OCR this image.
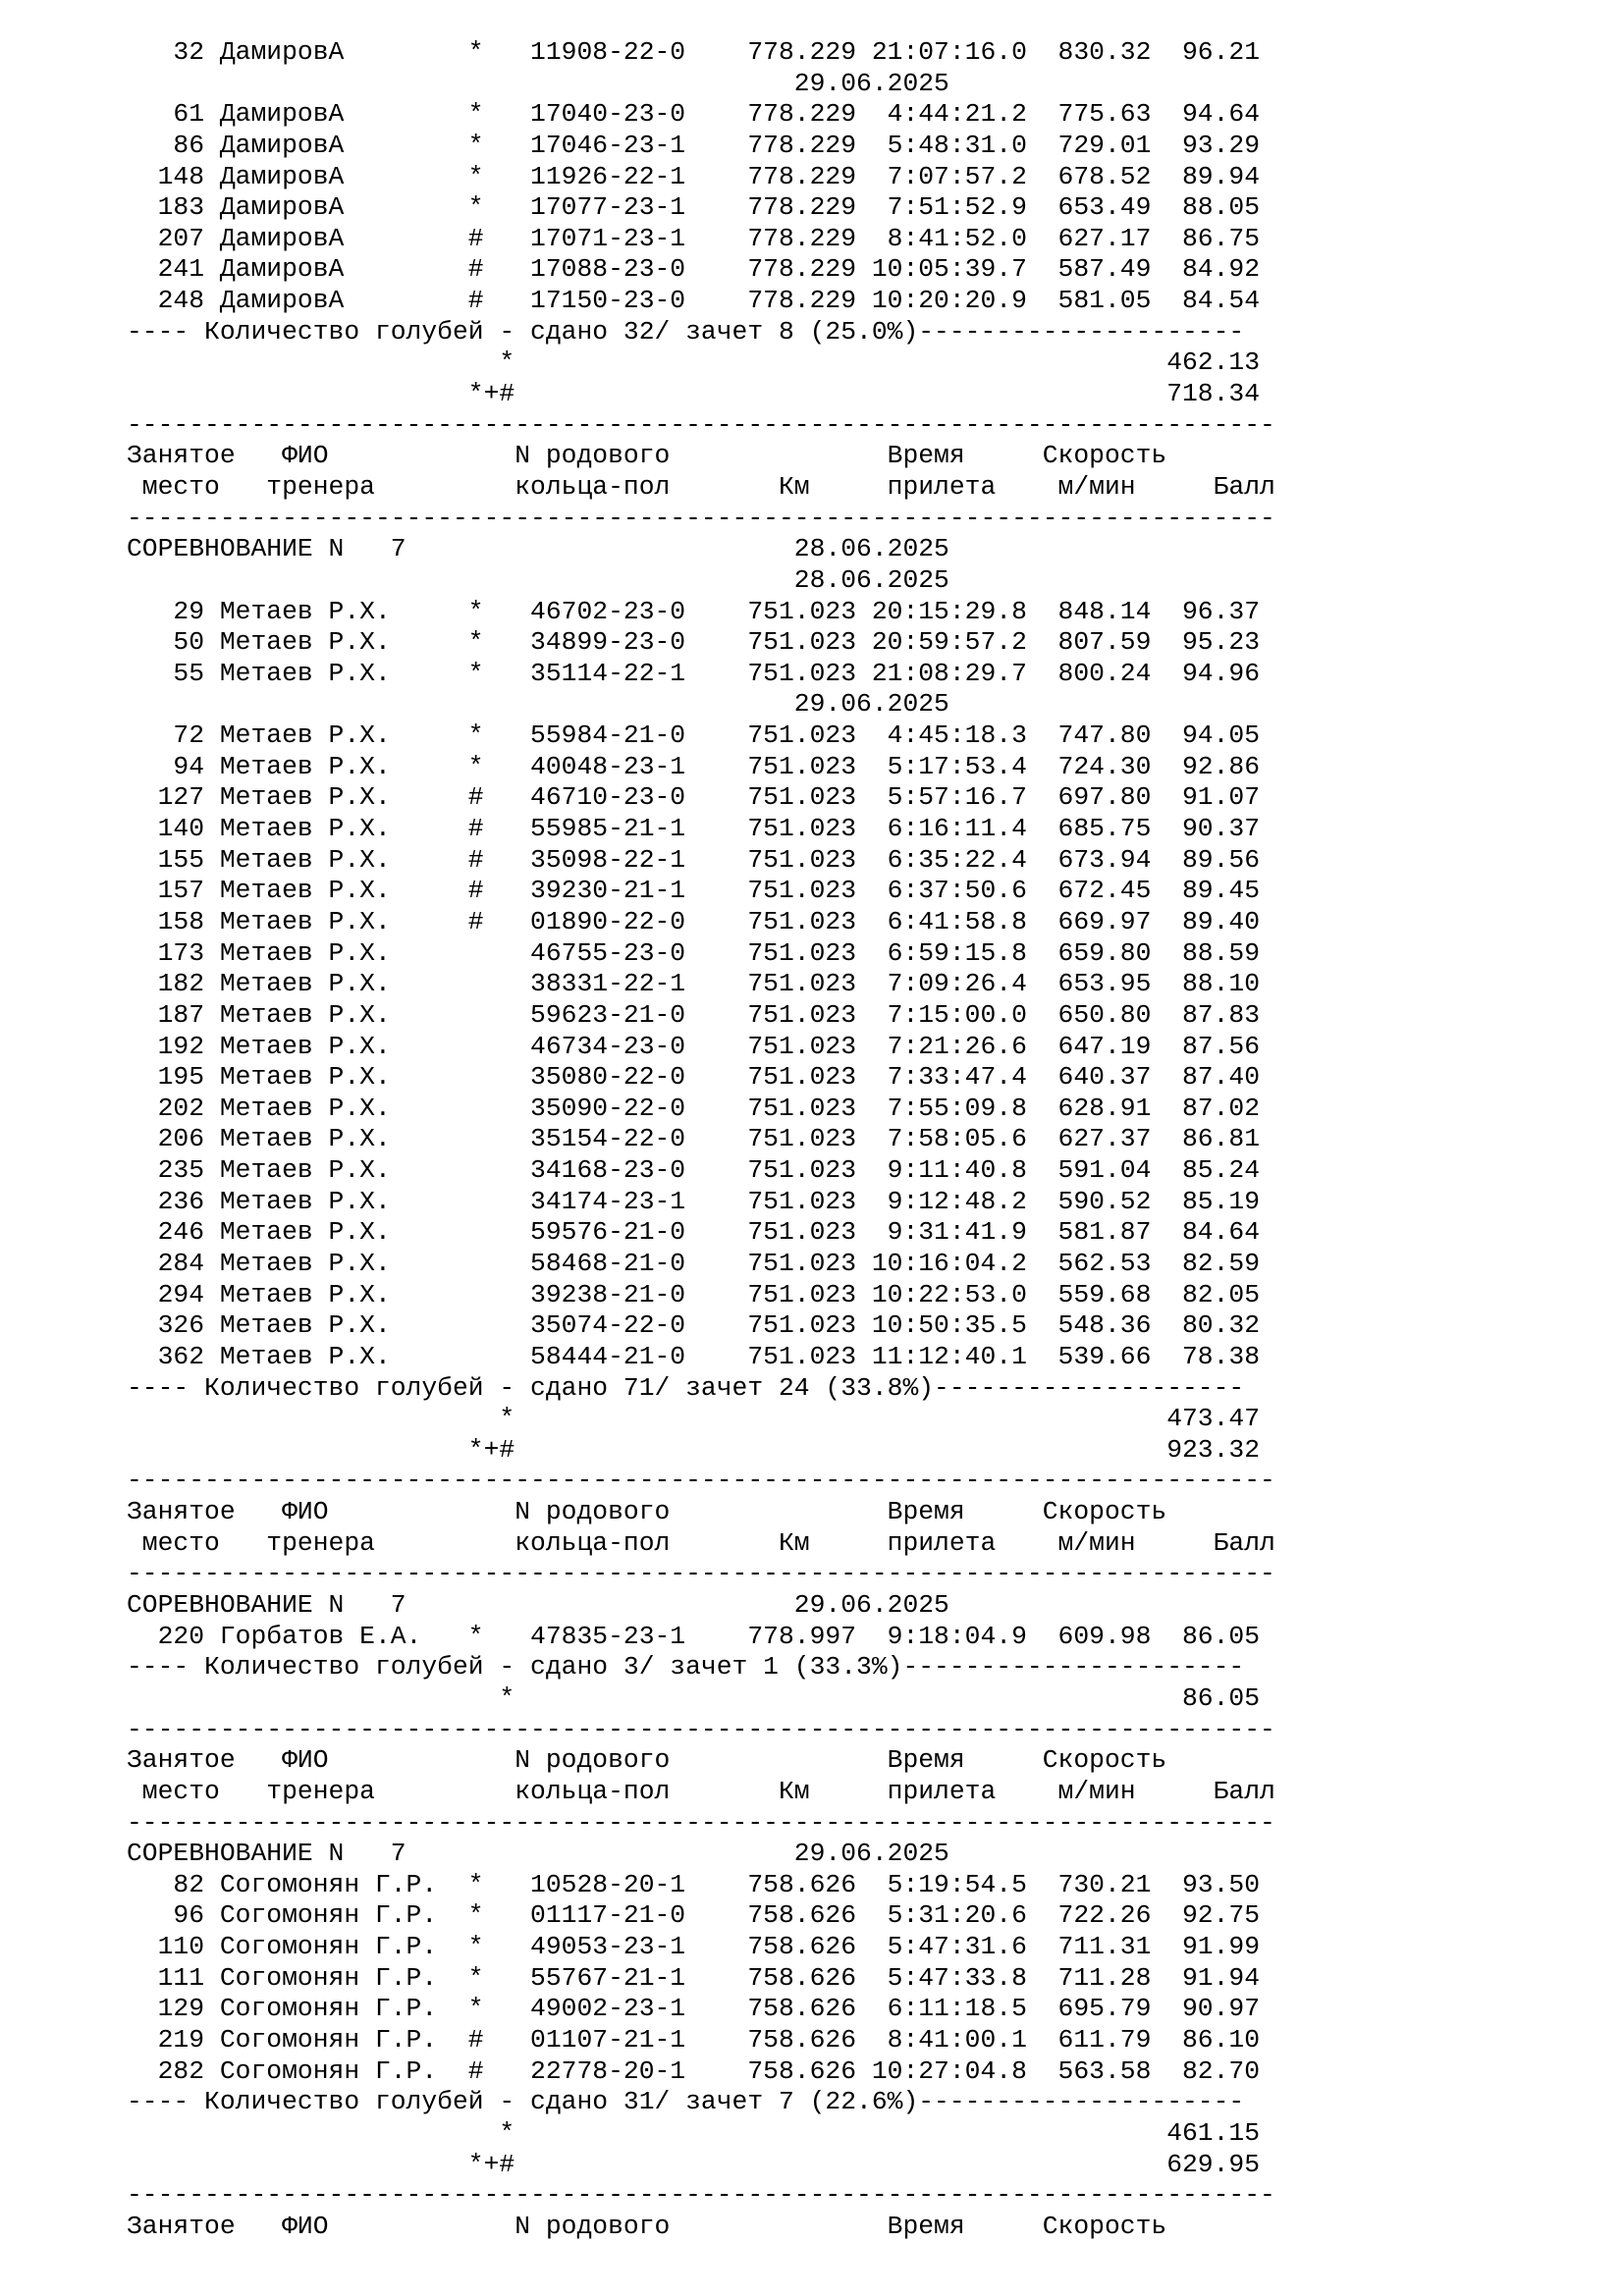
32 ДамировА        *   11908-22-0    778.229 21:07:16.0  830.32  96.21
29.06.2025
61 ДамировА        *   17040-23-0    778.229  4:44:21.2  775.63  94.64
86 ДамировА        *   17046-23-1    778.229  5:48:31.0  729.01  93.29
148 ДамировА        *   11926-22-1    778.229  7:07:57.2  678.52  89.94
183 ДамировА        *   17077-23-1    778.229  7:51:52.9  653.49  88.05
207 ДамировА        #   17071-23-1    778.229  8:41:52.0  627.17  86.75
241 ДамировА        #   17088-23-0    778.229 10:05:39.7  587.49  84.92
248 ДамировА        #   17150-23-0    778.229 10:20:20.9  581.05  84.54
---- Количество голубей - сдано 32/ зачет 8 (25.0%)---------------------
*                                          462.13
*+#                                          718.34
--------------------------------------------------------------------------
Занятое   ФИО            N родового              Время     Скорость
место   тренера         кольца-пол       Км     прилета    м/мин     Балл
--------------------------------------------------------------------------
СОРЕВНОВАНИЕ N   7                         28.06.2025
28.06.2025
29 Метаев Р.Х.     *   46702-23-0    751.023 20:15:29.8  848.14  96.37
50 Метаев Р.Х.     *   34899-23-0    751.023 20:59:57.2  807.59  95.23
55 Метаев Р.Х.     *   35114-22-1    751.023 21:08:29.7  800.24  94.96
29.06.2025
72 Метаев Р.Х.     *   55984-21-0    751.023  4:45:18.3  747.80  94.05
94 Метаев Р.Х.     *   40048-23-1    751.023  5:17:53.4  724.30  92.86
127 Метаев Р.Х.     #   46710-23-0    751.023  5:57:16.7  697.80  91.07
140 Метаев Р.Х.     #   55985-21-1    751.023  6:16:11.4  685.75  90.37
155 Метаев Р.Х.     #   35098-22-1    751.023  6:35:22.4  673.94  89.56
157 Метаев Р.Х.     #   39230-21-1    751.023  6:37:50.6  672.45  89.45
158 Метаев Р.Х.     #   01890-22-0    751.023  6:41:58.8  669.97  89.40
173 Метаев Р.Х.         46755-23-0    751.023  6:59:15.8  659.80  88.59
182 Метаев Р.Х.         38331-22-1    751.023  7:09:26.4  653.95  88.10
187 Метаев Р.Х.         59623-21-0    751.023  7:15:00.0  650.80  87.83
192 Метаев Р.Х.         46734-23-0    751.023  7:21:26.6  647.19  87.56
195 Метаев Р.Х.         35080-22-0    751.023  7:33:47.4  640.37  87.40
202 Метаев Р.Х.         35090-22-0    751.023  7:55:09.8  628.91  87.02
206 Метаев Р.Х.         35154-22-0    751.023  7:58:05.6  627.37  86.81
235 Метаев Р.Х.         34168-23-0    751.023  9:11:40.8  591.04  85.24
236 Метаев Р.Х.         34174-23-1    751.023  9:12:48.2  590.52  85.19
246 Метаев Р.Х.         59576-21-0    751.023  9:31:41.9  581.87  84.64
284 Метаев Р.Х.         58468-21-0    751.023 10:16:04.2  562.53  82.59
294 Метаев Р.Х.         39238-21-0    751.023 10:22:53.0  559.68  82.05
326 Метаев Р.Х.         35074-22-0    751.023 10:50:35.5  548.36  80.32
362 Метаев Р.Х.         58444-21-0    751.023 11:12:40.1  539.66  78.38
---- Количество голубей - сдано 71/ зачет 24 (33.8%)--------------------
*                                          473.47
*+#                                          923.32
--------------------------------------------------------------------------
Занятое   ФИО            N родового              Время     Скорость
место   тренера         кольца-пол       Км     прилета    м/мин     Балл
--------------------------------------------------------------------------
СОРЕВНОВАНИЕ N   7                         29.06.2025
220 Горбатов Е.А.   *   47835-23-1    778.997  9:18:04.9  609.98  86.05
---- Количество голубей - сдано 3/ зачет 1 (33.3%)----------------------
*                                           86.05
--------------------------------------------------------------------------
Занятое   ФИО            N родового              Время     Скорость
место   тренера         кольца-пол       Км     прилета    м/мин     Балл
--------------------------------------------------------------------------
СОРЕВНОВАНИЕ N   7                         29.06.2025
82 Согомонян Г.Р.  *   10528-20-1    758.626  5:19:54.5  730.21  93.50
96 Согомонян Г.Р.  *   01117-21-0    758.626  5:31:20.6  722.26  92.75
110 Согомонян Г.Р.  *   49053-23-1    758.626  5:47:31.6  711.31  91.99
111 Согомонян Г.Р.  *   55767-21-1    758.626  5:47:33.8  711.28  91.94
129 Согомонян Г.Р.  *   49002-23-1    758.626  6:11:18.5  695.79  90.97
219 Согомонян Г.Р.  #   01107-21-1    758.626  8:41:00.1  611.79  86.10
282 Согомонян Г.Р.  #   22778-20-1    758.626 10:27:04.8  563.58  82.70
---- Количество голубей - сдано 31/ зачет 7 (22.6%)---------------------
*                                          461.15
*+#                                          629.95
--------------------------------------------------------------------------
Занятое   ФИО            N родового              Время     Скорость
